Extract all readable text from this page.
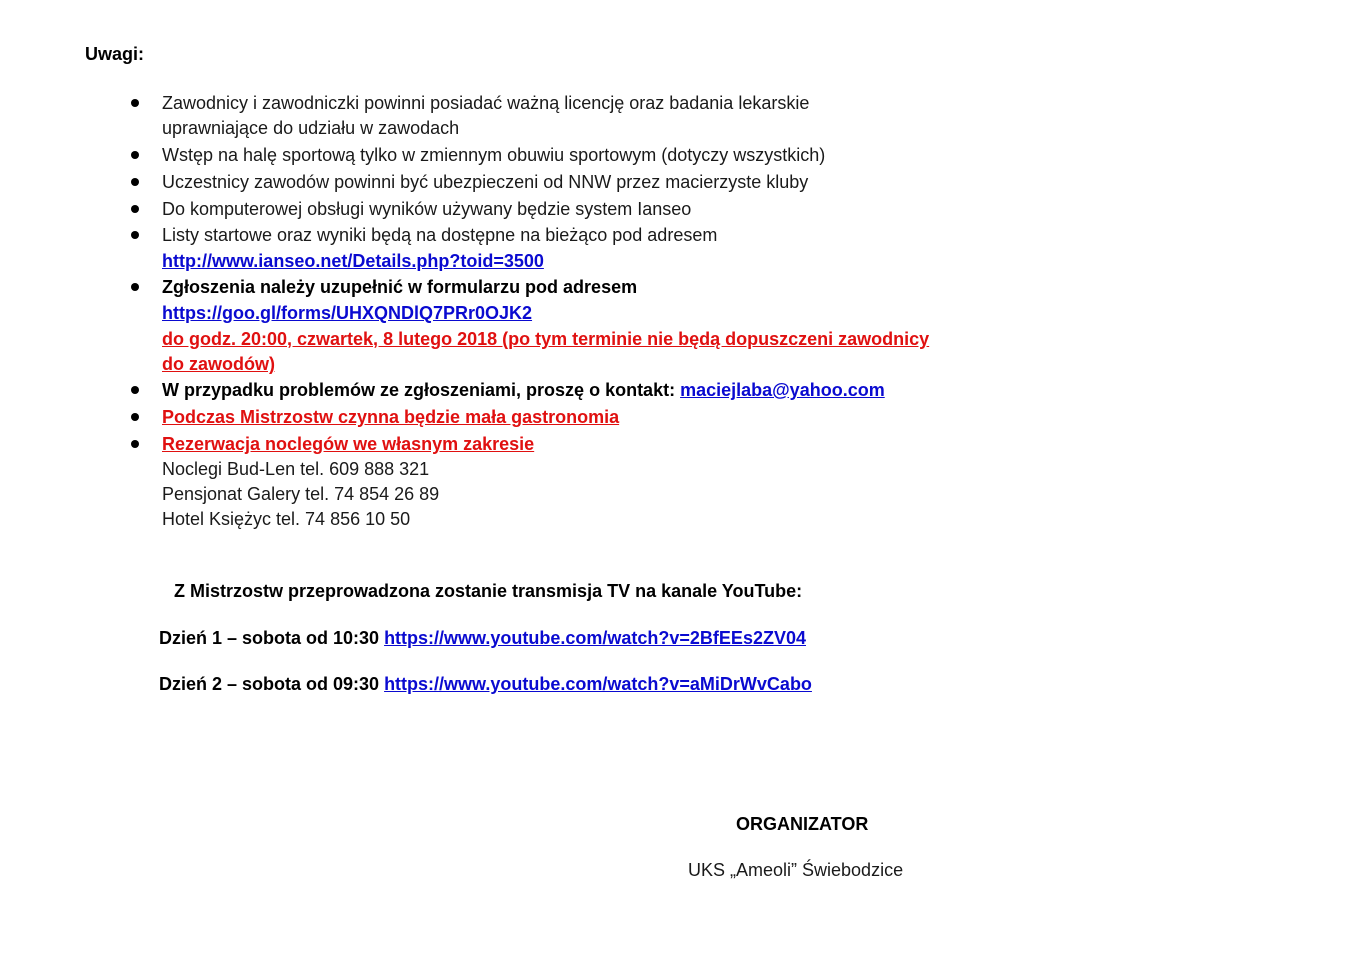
Uwagi:
Zawodnicy i zawodniczki powinni posiadać ważną licencję oraz badania lekarskie
uprawniające do udziału w zawodach
Wstęp na halę sportową tylko w zmiennym obuwiu sportowym (dotyczy wszystkich)
Uczestnicy zawodów powinni być ubezpieczeni od NNW przez macierzyste kluby
Do komputerowej obsługi wyników używany będzie system Ianseo
Listy startowe oraz wyniki będą na dostępne na bieżąco pod adresem
http://www.ianseo.net/Details.php?toid=3500
Zgłoszenia należy uzupełnić w formularzu pod adresem
https://goo.gl/forms/UHXQNDlQ7PRr0OJK2
do godz. 20:00, czwartek, 8 lutego 2018 (po tym terminie nie będą dopuszczeni zawodnicy
do zawodów)
W przypadku problemów ze zgłoszeniami, proszę o kontakt: maciejlaba@yahoo.com
Podczas Mistrzostw czynna będzie mała gastronomia
Rezerwacja noclegów we własnym zakresie
Noclegi Bud-Len tel. 609 888 321
Pensjonat Galery tel. 74 854 26 89
Hotel Księżyc tel. 74 856 10 50
Z Mistrzostw przeprowadzona zostanie transmisja TV na kanale YouTube:
Dzień 1 – sobota od 10:30 https://www.youtube.com/watch?v=2BfEEs2ZV04
Dzień 2 – sobota od 09:30 https://www.youtube.com/watch?v=aMiDrWvCabo
ORGANIZATOR
UKS „Ameoli” Świebodzice
